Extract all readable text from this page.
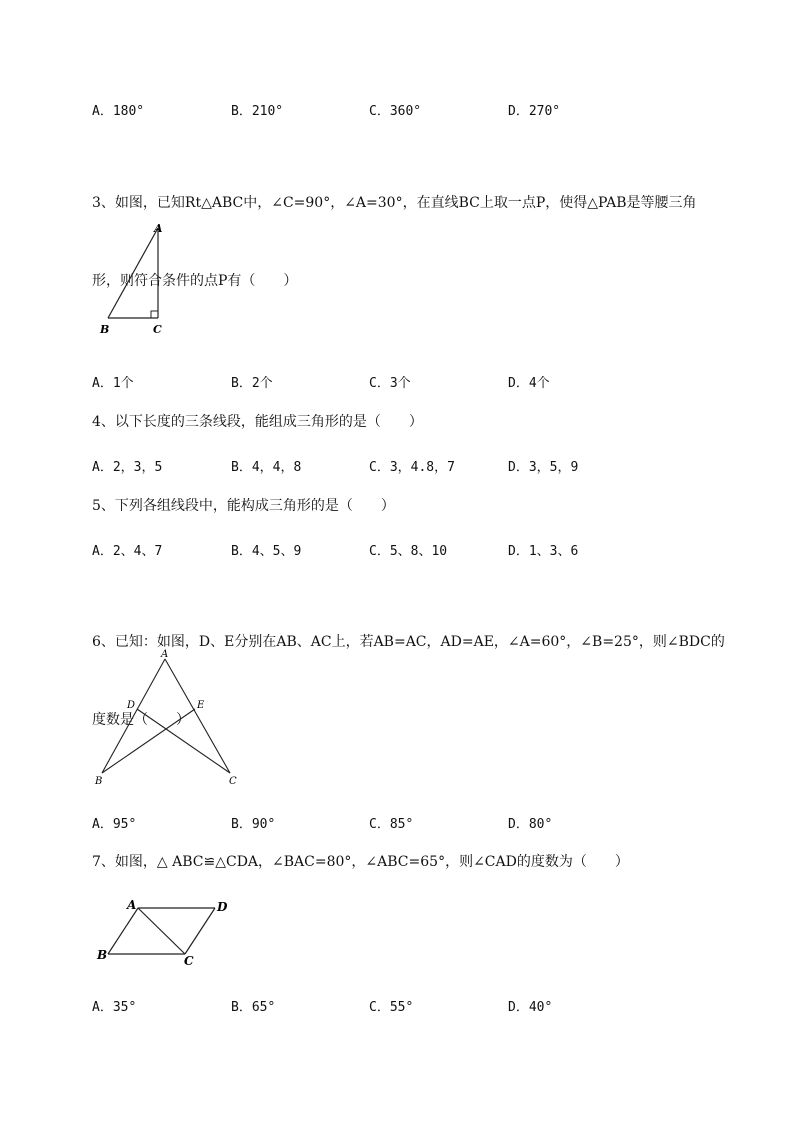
A．180°	B．210°	C．360°	D．270°

3、如图，已知Rt△ABC中，∠C=90°，∠A=30°，在直线BC上取一点P，使得△PAB是等腰三角

形，则符合条件的点P有（　　）

A
B	C
A．1个	B．2个	C．3个	D．4个
4、以下长度的三条线段，能组成三角形的是（　　）
A．2，3，5	B．4，4，8	C．3，4.8，7	D．3，5，9
5、下列各组线段中，能构成三角形的是（　　）
A．2、4、7	B．4、5、9	C．5、8、10	D．1、3、6

6、已知：如图，D、E分别在AB、AC上，若AB=AC，AD=AE，∠A=60°，∠B=25°，则∠BDC的

度数是（　　）

A
D	E
B	C
A．95°	B．90°	C．85°	D．80°
7、如图，△ ABC≌△CDA，∠BAC=80°，∠ABC=65°，则∠CAD的度数为（　　）
A	D
B	C
A．35°	B．65°	C．55°	D．40°
